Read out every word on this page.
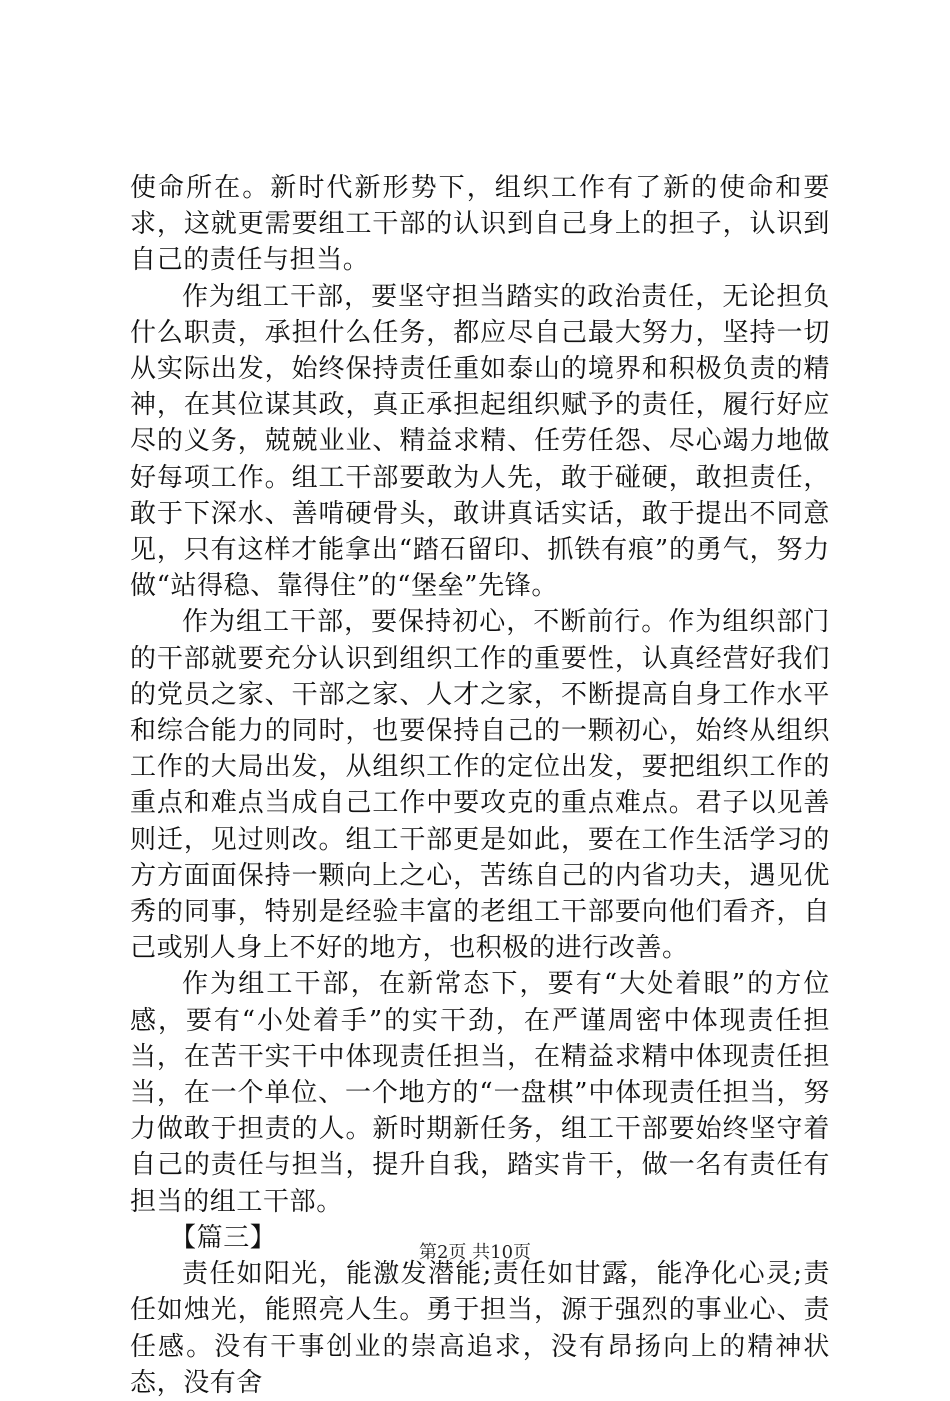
使命所在。新时代新形势下，组织工作有了新的使命和要求，这就更需要组工干部的认识到自己身上的担子，认识到自己的责任与担当。

作为组工干部，要坚守担当踏实的政治责任，无论担负什么职责，承担什么任务，都应尽自己最大努力，坚持一切从实际出发，始终保持责任重如泰山的境界和积极负责的精神，在其位谋其政，真正承担起组织赋予的责任，履行好应尽的义务，兢兢业业、精益求精、任劳任怨、尽心竭力地做好每项工作。组工干部要敢为人先，敢于碰硬，敢担责任，敢于下深水、善啃硬骨头，敢讲真话实话，敢于提出不同意见，只有这样才能拿出“踏石留印、抓铁有痕”的勇气，努力做“站得稳、靠得住”的“堡垒”先锋。

作为组工干部，要保持初心，不断前行。作为组织部门的干部就要充分认识到组织工作的重要性，认真经营好我们的党员之家、干部之家、人才之家，不断提高自身工作水平和综合能力的同时，也要保持自己的一颗初心，始终从组织工作的大局出发，从组织工作的定位出发，要把组织工作的重点和难点当成自己工作中要攻克的重点难点。君子以见善则迁，见过则改。组工干部更是如此，要在工作生活学习的方方面面保持一颗向上之心，苦练自己的内省功夫，遇见优秀的同事，特别是经验丰富的老组工干部要向他们看齐，自己或别人身上不好的地方，也积极的进行改善。

作为组工干部，在新常态下，要有“大处着眼”的方位感，要有“小处着手”的实干劲，在严谨周密中体现责任担当，在苦干实干中体现责任担当，在精益求精中体现责任担当，在一个单位、一个地方的“一盘棋”中体现责任担当，努力做敢于担责的人。新时期新任务，组工干部要始终坚守着自己的责任与担当，提升自我，踏实肯干，做一名有责任有担当的组工干部。

【篇三】

责任如阳光，能激发潜能;责任如甘露，能净化心灵;责任如烛光，能照亮人生。勇于担当，源于强烈的事业心、责任感。没有干事创业的崇高追求，没有昂扬向上的精神状态，没有舍

第2页 共10页
